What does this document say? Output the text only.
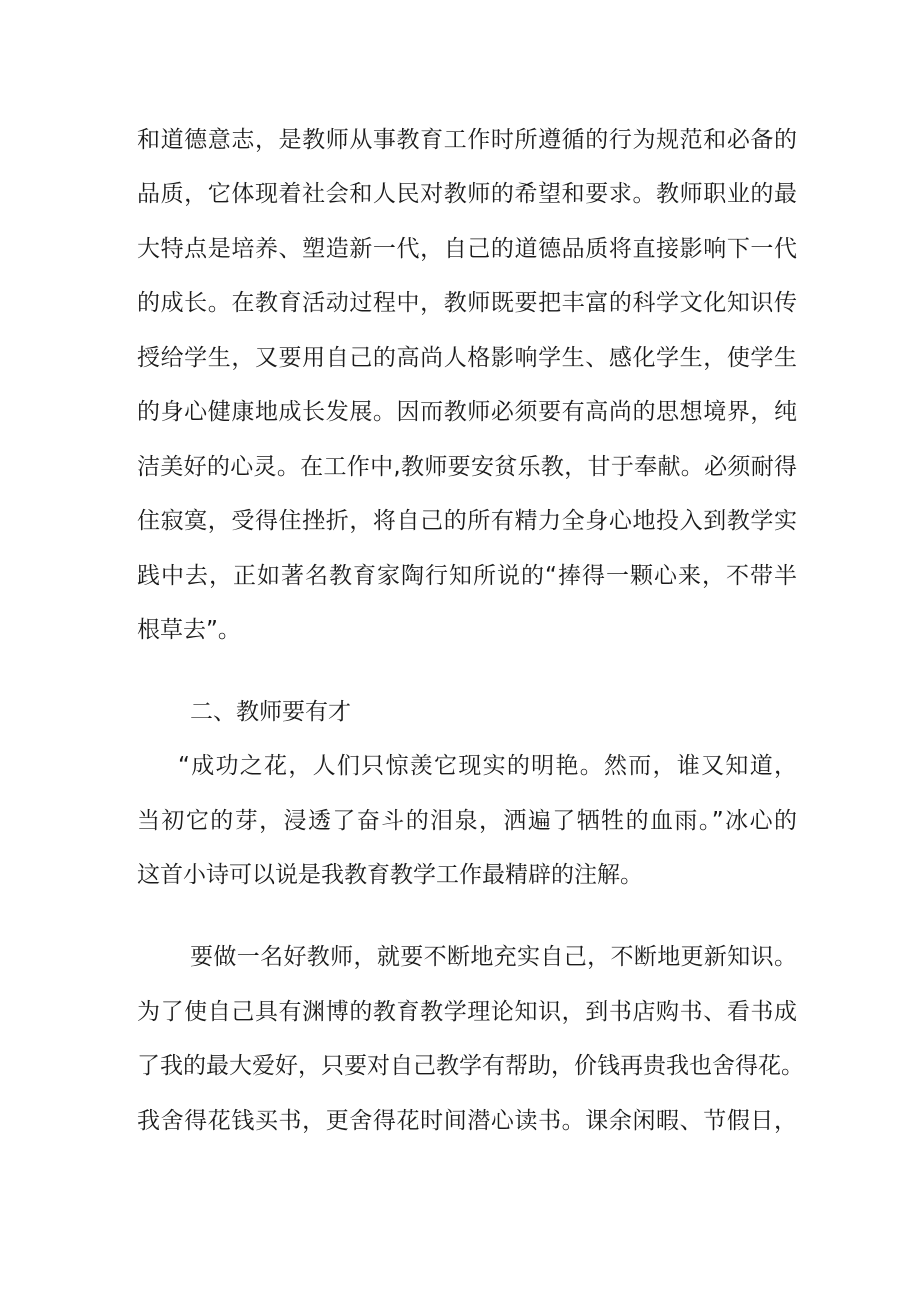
和道德意志，是教师从事教育工作时所遵循的行为规范和必备的
品质，它体现着社会和人民对教师的希望和要求。教师职业的最
大特点是培养、塑造新一代，自己的道德品质将直接影响下一代
的成长。在教育活动过程中，教师既要把丰富的科学文化知识传
授给学生，又要用自己的高尚人格影响学生、感化学生，使学生
的身心健康地成长发展。因而教师必须要有高尚的思想境界，纯
洁美好的心灵。在工作中,教师要安贫乐教，甘于奉献。必须耐得
住寂寞，受得住挫折，将自己的所有精力全身心地投入到教学实
践中去，正如著名教育家陶行知所说的“捧得一颗心来，不带半
根草去”。
二、教师要有才
“成功之花，人们只惊羡它现实的明艳。然而，谁又知道，
当初它的芽，浸透了奋斗的泪泉，洒遍了牺牲的血雨。”冰心的
这首小诗可以说是我教育教学工作最精辟的注解。
要做一名好教师，就要不断地充实自己，不断地更新知识。
为了使自己具有渊博的教育教学理论知识，到书店购书、看书成
了我的最大爱好，只要对自己教学有帮助，价钱再贵我也舍得花。
我舍得花钱买书，更舍得花时间潜心读书。课余闲暇、节假日，
